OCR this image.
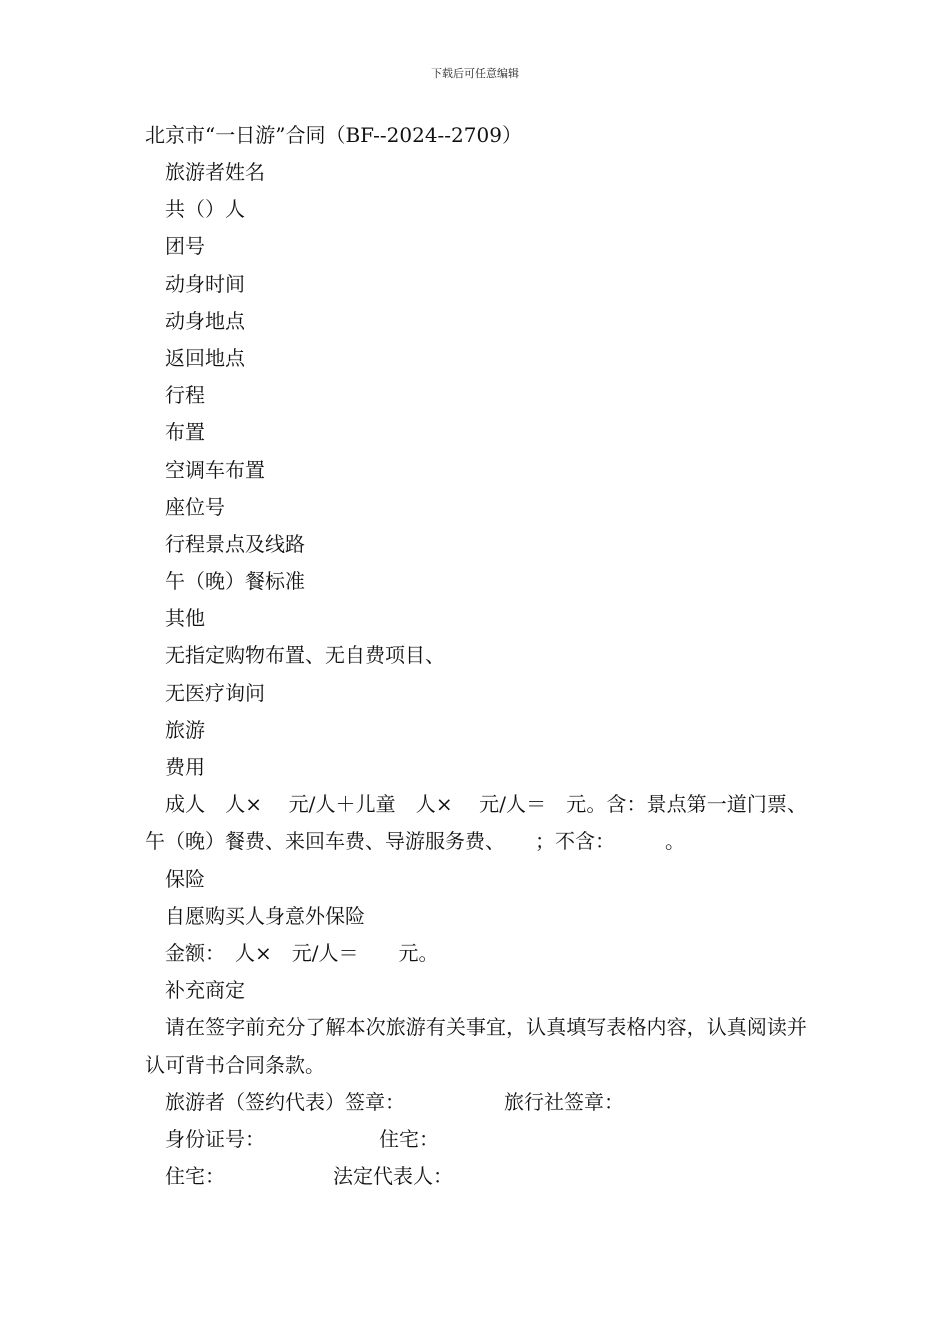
下载后可任意编辑
北京市“一日游”合同（BF--2024--2709）
旅游者姓名
共（）人
团号
动身时间
动身地点
返回地点
行程
布置
空调车布置
座位号
行程景点及线路
午（晚）餐标准
其他
无指定购物布置、无自费项目、
无医疗询问
旅游
费用

成人　人×　 元/人＋儿童　人×　 元/人＝　元。含：景点第一道门票、午（晚）餐费、来回车费、导游服务费、　　；不含：　　　。

保险
自愿购买人身意外保险
金额：　人×　元/人＝　　元。
补充商定

请在签字前充分了解本次旅游有关事宜，认真填写表格内容，认真阅读并认可背书合同条款。

旅游者（签约代表）签章：	旅行社签章：
身份证号：	住宅：
住宅：	法定代表人：
